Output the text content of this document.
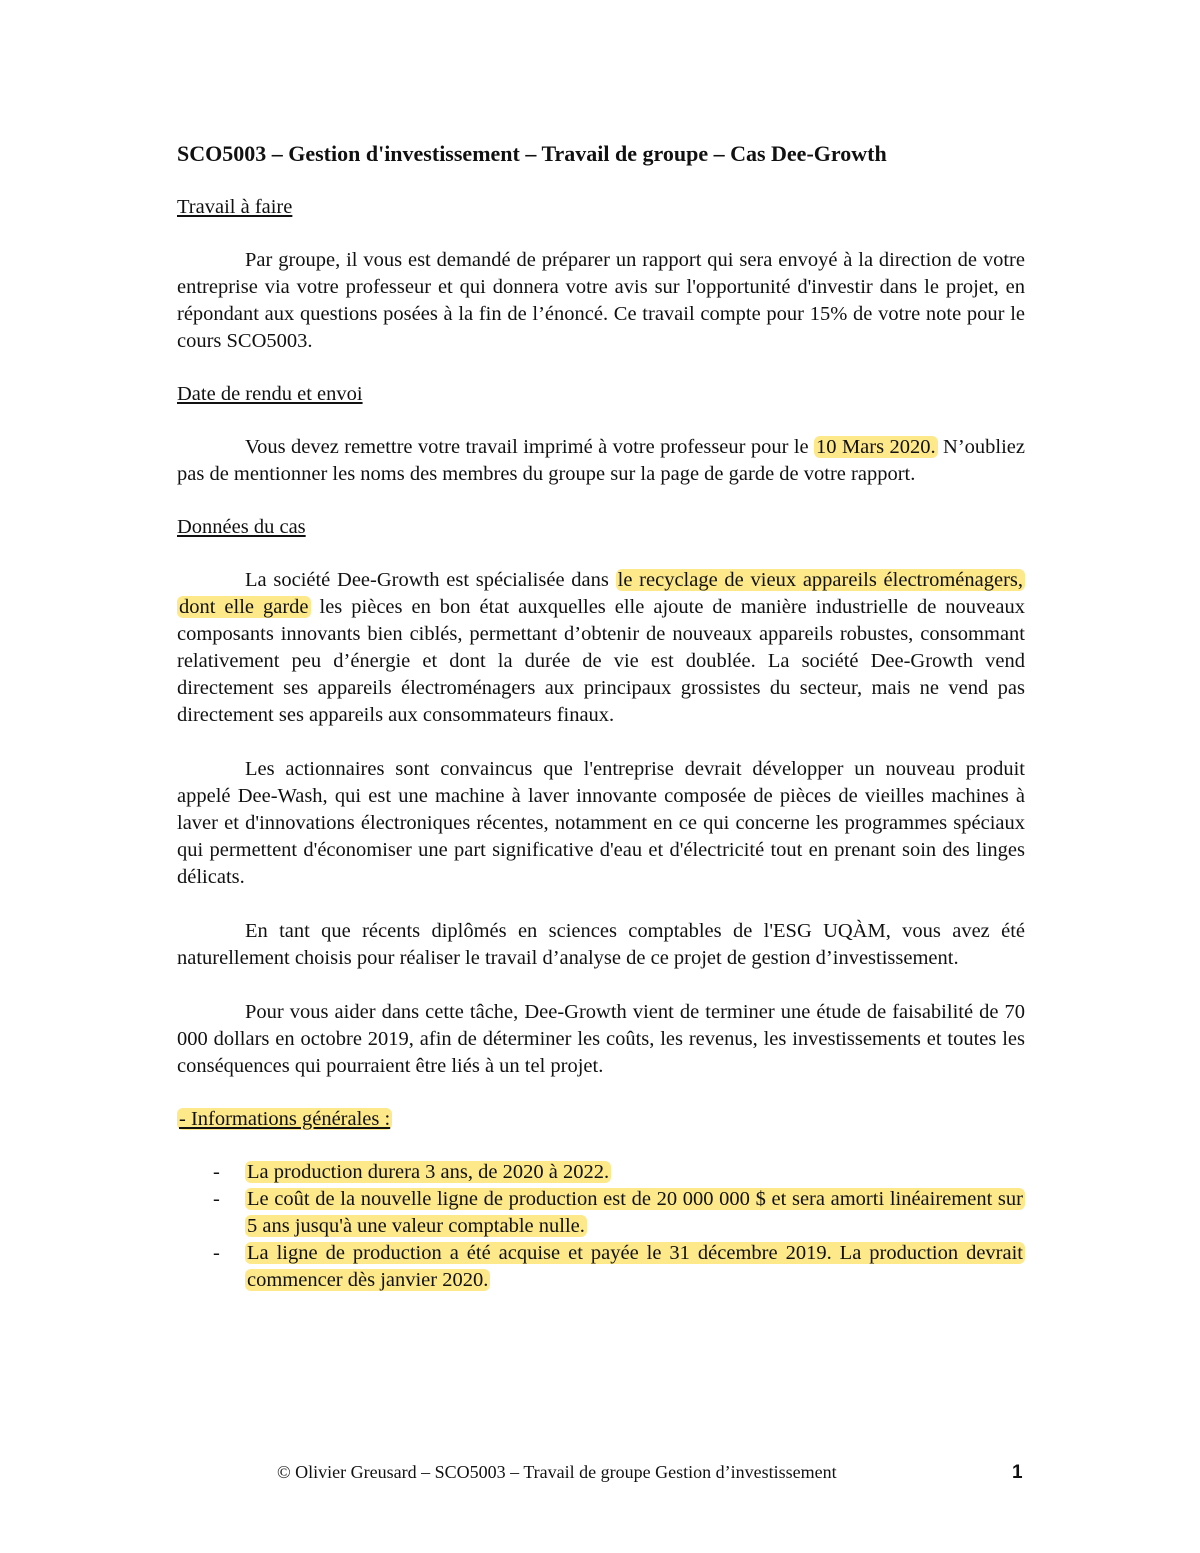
SCO5003 – Gestion d'investissement – Travail de groupe – Cas Dee-Growth
Travail à faire

Par groupe, il vous est demandé de préparer un rapport qui sera envoyé à la direction de votre entreprise via votre professeur et qui donnera votre avis sur l'opportunité d'investir dans le projet, en répondant aux questions posées à la fin de l’énoncé. Ce travail compte pour 15% de votre note pour le cours SCO5003.

Date de rendu et envoi

Vous devez remettre votre travail imprimé à votre professeur pour le 10 Mars 2020. N’oubliez pas de mentionner les noms des membres du groupe sur la page de garde de votre rapport.

Données du cas

La société Dee-Growth est spécialisée dans le recyclage de vieux appareils électroménagers, dont elle garde les pièces en bon état auxquelles elle ajoute de manière industrielle de nouveaux composants innovants bien ciblés, permettant d’obtenir de nouveaux appareils robustes, consommant relativement peu d’énergie et dont la durée de vie est doublée. La société Dee-Growth vend directement ses appareils électroménagers aux principaux grossistes du secteur, mais ne vend pas directement ses appareils aux consommateurs finaux.

Les actionnaires sont convaincus que l'entreprise devrait développer un nouveau produit appelé Dee-Wash, qui est une machine à laver innovante composée de pièces de vieilles machines à laver et d'innovations électroniques récentes, notamment en ce qui concerne les programmes spéciaux qui permettent d'économiser une part significative d'eau et d'électricité tout en prenant soin des linges délicats.

En tant que récents diplômés en sciences comptables de l'ESG UQÀM, vous avez été naturellement choisis pour réaliser le travail d’analyse de ce projet de gestion d’investissement.

Pour vous aider dans cette tâche, Dee-Growth vient de terminer une étude de faisabilité de 70 000 dollars en octobre 2019, afin de déterminer les coûts, les revenus, les investissements et toutes les conséquences qui pourraient être liés à un tel projet.

- Informations générales :
- La production durera 3 ans, de 2020 à 2022.
- Le coût de la nouvelle ligne de production est de 20 000 000 $ et sera amorti linéairement sur 5 ans jusqu'à une valeur comptable nulle.
- La ligne de production a été acquise et payée le 31 décembre 2019. La production devrait commencer dès janvier 2020.
© Olivier Greusard – SCO5003 – Travail de groupe Gestion d’investissement	1
